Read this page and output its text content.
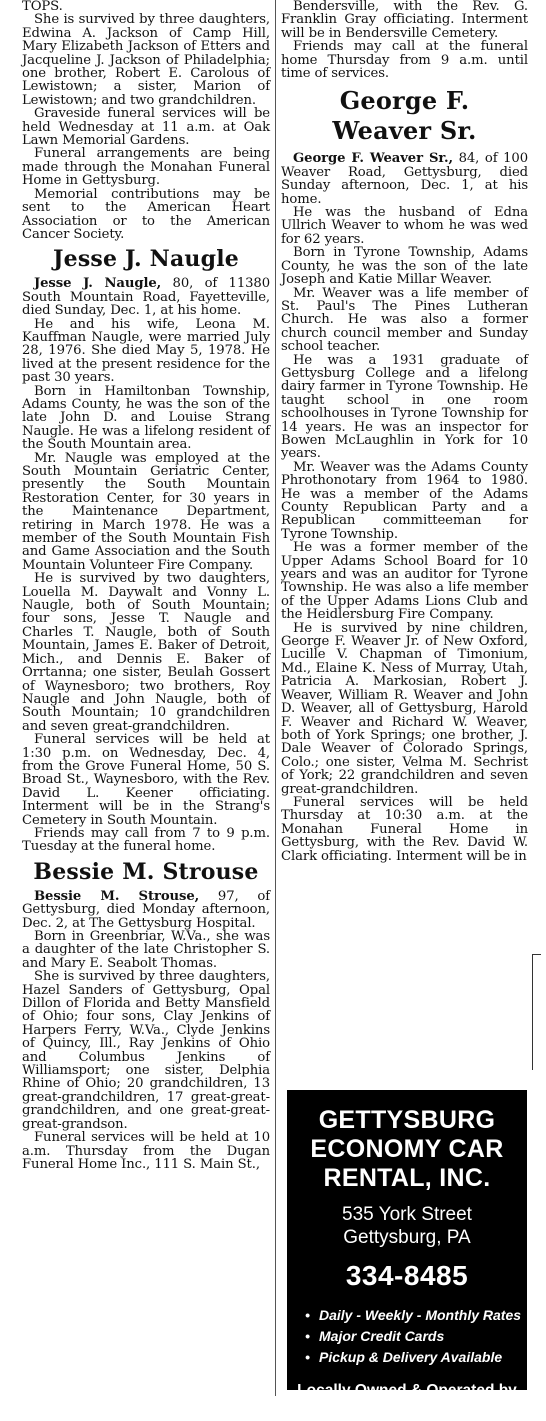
TOPS.

She is survived by three daughters, Edwina A. Jackson of Camp Hill, Mary Elizabeth Jackson of Etters and Jacqueline J. Jackson of Philadelphia; one brother, Robert E. Carolous of Lewistown; a sister, Marion of Lewistown; and two grandchildren.

Graveside funeral services will be held Wednesday at 11 a.m. at Oak Lawn Memorial Gardens.

Funeral arrangements are being made through the Monahan Funeral Home in Gettysburg.

Memorial contributions may be sent to the American Heart Association or to the American Cancer Society.

Jesse J. Naugle

Jesse J. Naugle, 80, of 11380 South Mountain Road, Fayetteville, died Sunday, Dec. 1, at his home.

He and his wife, Leona M. Kauffman Naugle, were married July 28, 1976. She died May 5, 1978. He lived at the present residence for the past 30 years.

Born in Hamiltonban Township, Adams County, he was the son of the late John D. and Louise Strang Naugle. He was a lifelong resident of the South Mountain area.

Mr. Naugle was employed at the South Mountain Geriatric Center, presently the South Mountain Restoration Center, for 30 years in the Maintenance Department, retiring in March 1978. He was a member of the South Mountain Fish and Game Association and the South Mountain Volunteer Fire Company.

He is survived by two daughters, Louella M. Daywalt and Vonny L. Naugle, both of South Mountain; four sons, Jesse T. Naugle and Charles T. Naugle, both of South Mountain, James E. Baker of Detroit, Mich., and Dennis E. Baker of Orrtanna; one sister, Beulah Gossert of Waynesboro; two brothers, Roy Naugle and John Naugle, both of South Mountain; 10 grandchildren and seven great-grandchildren.

Funeral services will be held at 1:30 p.m. on Wednesday, Dec. 4, from the Grove Funeral Home, 50 S. Broad St., Waynesboro, with the Rev. David L. Keener officiating. Interment will be in the Strang's Cemetery in South Mountain.

Friends may call from 7 to 9 p.m. Tuesday at the funeral home.

Bessie M. Strouse

Bessie M. Strouse, 97, of Gettysburg, died Monday afternoon, Dec. 2, at The Gettysburg Hospital.

Born in Greenbriar, W.Va., she was a daughter of the late Christopher S. and Mary E. Seabolt Thomas.

She is survived by three daughters, Hazel Sanders of Gettysburg, Opal Dillon of Florida and Betty Mansfield of Ohio; four sons, Clay Jenkins of Harpers Ferry, W.Va., Clyde Jenkins of Quincy, Ill., Ray Jenkins of Ohio and Columbus Jenkins of Williamsport; one sister, Delphia Rhine of Ohio; 20 grandchildren, 13 great-grandchildren, 17 great-great-grandchildren, and one great-great-great-grandson.

Funeral services will be held at 10 a.m. Thursday from the Dugan Funeral Home Inc., 111 S. Main St.,

Bendersville, with the Rev. G. Franklin Gray officiating. Interment will be in Bendersville Cemetery.

Friends may call at the funeral home Thursday from 9 a.m. until time of services.

George F.
Weaver Sr.

George F. Weaver Sr., 84, of 100 Weaver Road, Gettysburg, died Sunday afternoon, Dec. 1, at his home.

He was the husband of Edna Ullrich Weaver to whom he was wed for 62 years.

Born in Tyrone Township, Adams County, he was the son of the late Joseph and Katie Millar Weaver.

Mr. Weaver was a life member of St. Paul's The Pines Lutheran Church. He was also a former church council member and Sunday school teacher.

He was a 1931 graduate of Gettysburg College and a lifelong dairy farmer in Tyrone Township. He taught school in one room schoolhouses in Tyrone Township for 14 years. He was an inspector for Bowen McLaughlin in York for 10 years.

Mr. Weaver was the Adams County Phrothonotary from 1964 to 1980. He was a member of the Adams County Republican Party and a Republican committeeman for Tyrone Township.

He was a former member of the Upper Adams School Board for 10 years and was an auditor for Tyrone Township. He was also a life member of the Upper Adams Lions Club and the Heidlersburg Fire Company.

He is survived by nine children, George F. Weaver Jr. of New Oxford, Lucille V. Chapman of Timonium, Md., Elaine K. Ness of Murray, Utah, Patricia A. Markosian, Robert J. Weaver, William R. Weaver and John D. Weaver, all of Gettysburg, Harold F. Weaver and Richard W. Weaver, both of York Springs; one brother, J. Dale Weaver of Colorado Springs, Colo.; one sister, Velma M. Sechrist of York; 22 grandchildren and seven great-grandchildren.

Funeral services will be held Thursday at 10:30 a.m. at the Monahan Funeral Home in Gettysburg, with the Rev. David W. Clark officiating. Interment will be in

GETTYSBURG
ECONOMY CAR
RENTAL, INC.
535 York Street
Gettysburg, PA
334-8485
• Daily - Weekly - Monthly Rates
• Major Credit Cards
• Pickup & Delivery Available
Locally Owned & Operated by
Randy Phiel & Steve Hemler
